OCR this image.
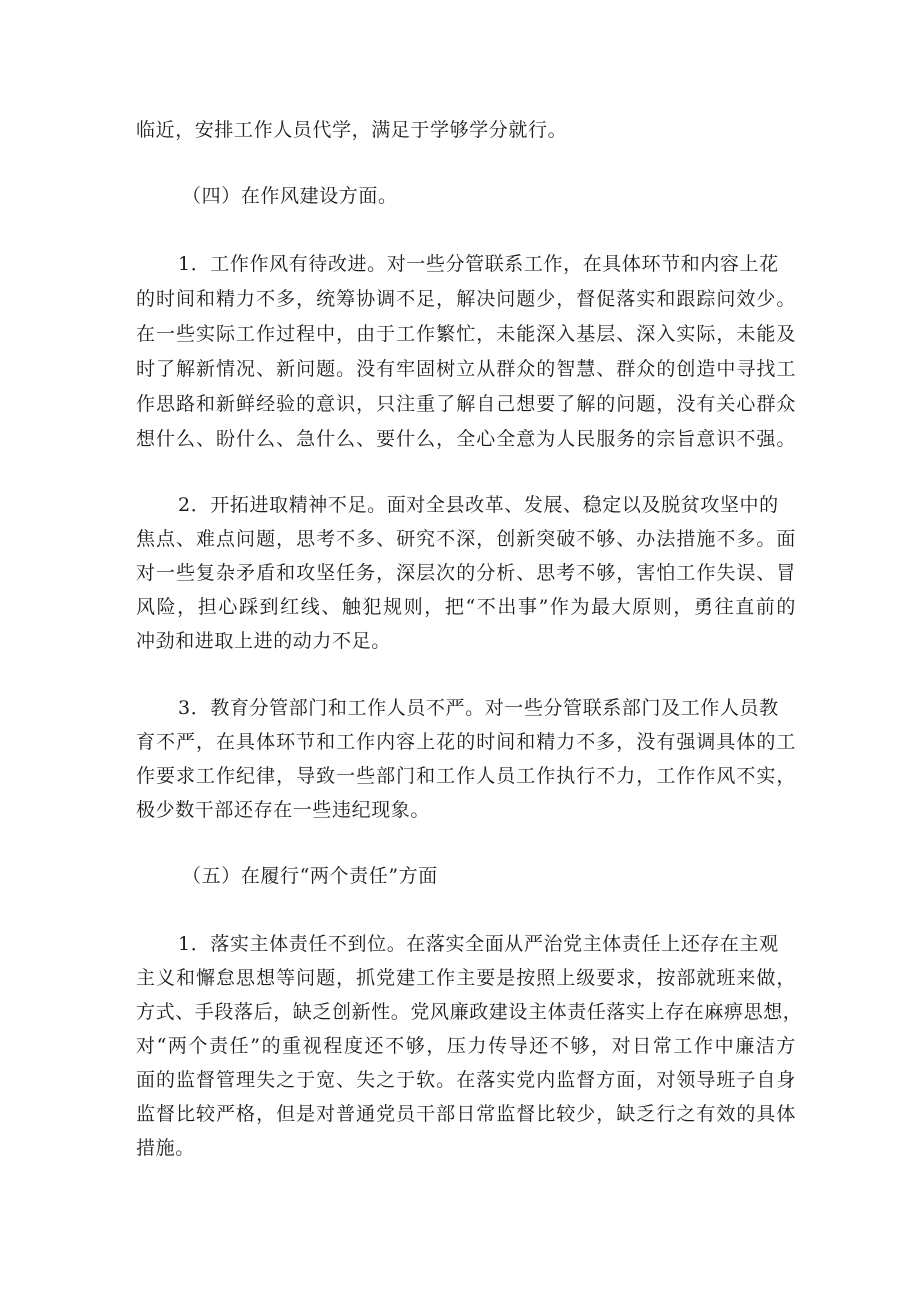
临近，安排工作人员代学，满足于学够学分就行。

（四）在作风建设方面。

1．工作作风有待改进。对一些分管联系工作，在具体环节和内容上花

的时间和精力不多，统筹协调不足，解决问题少，督促落实和跟踪问效少。

在一些实际工作过程中，由于工作繁忙，未能深入基层、深入实际，未能及

时了解新情况、新问题。没有牢固树立从群众的智慧、群众的创造中寻找工

作思路和新鲜经验的意识，只注重了解自己想要了解的问题，没有关心群众

想什么、盼什么、急什么、要什么，全心全意为人民服务的宗旨意识不强。

2．开拓进取精神不足。面对全县改革、发展、稳定以及脱贫攻坚中的

焦点、难点问题，思考不多、研究不深，创新突破不够、办法措施不多。面

对一些复杂矛盾和攻坚任务，深层次的分析、思考不够，害怕工作失误、冒

风险，担心踩到红线、触犯规则，把“不出事”作为最大原则，勇往直前的

冲劲和进取上进的动力不足。

3．教育分管部门和工作人员不严。对一些分管联系部门及工作人员教

育不严，在具体环节和工作内容上花的时间和精力不多，没有强调具体的工

作要求工作纪律，导致一些部门和工作人员工作执行不力，工作作风不实，

极少数干部还存在一些违纪现象。

（五）在履行“两个责任”方面

1．落实主体责任不到位。在落实全面从严治党主体责任上还存在主观

主义和懈怠思想等问题，抓党建工作主要是按照上级要求，按部就班来做，

方式、手段落后，缺乏创新性。党风廉政建设主体责任落实上存在麻痹思想，

对“两个责任”的重视程度还不够，压力传导还不够，对日常工作中廉洁方

面的监督管理失之于宽、失之于软。在落实党内监督方面，对领导班子自身

监督比较严格，但是对普通党员干部日常监督比较少，缺乏行之有效的具体

措施。
